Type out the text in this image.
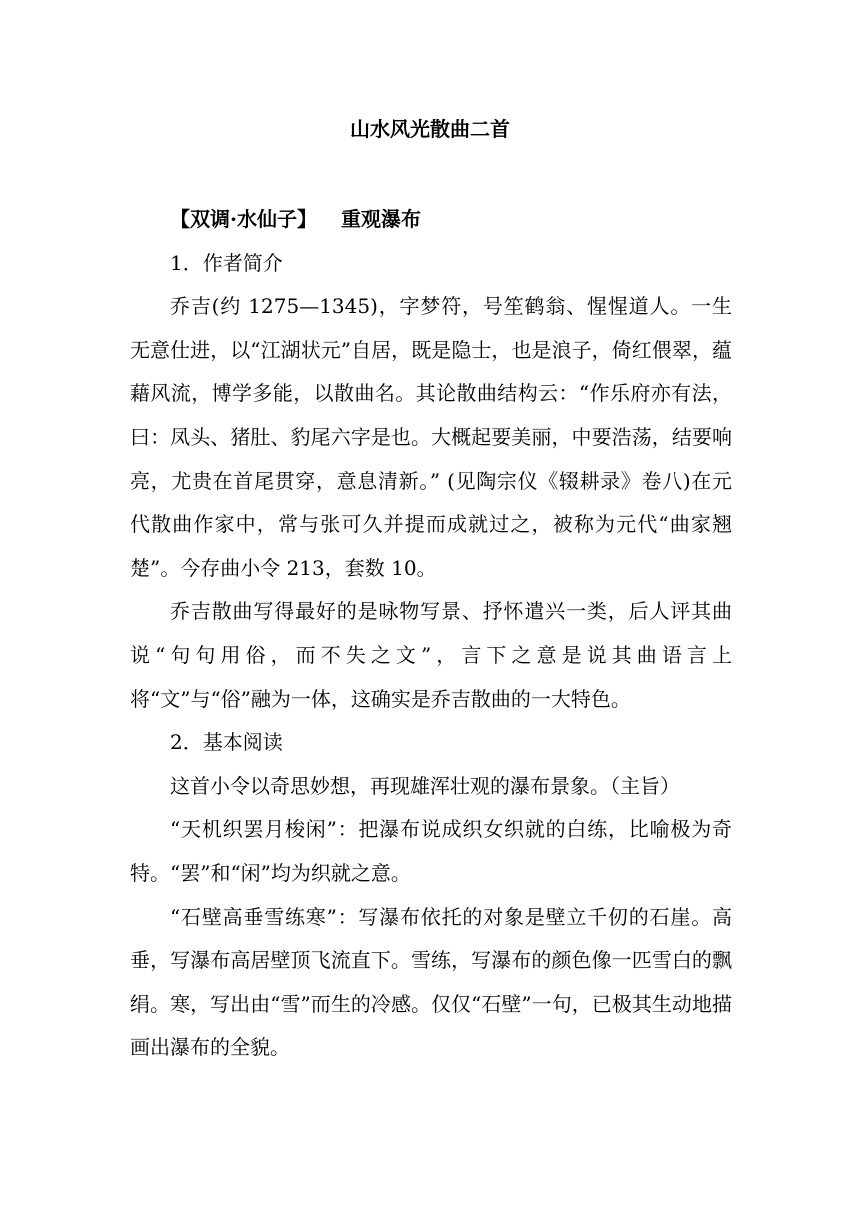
山水风光散曲二首

【双调·水仙子】 重观瀑布

1．作者简介

乔吉(约 1275—1345)，字梦符，号笙鹤翁、惺惺道人。一生无意仕进，以“江湖状元”自居，既是隐士，也是浪子，倚红偎翠，蕴藉风流，博学多能，以散曲名。其论散曲结构云：“作乐府亦有法，曰：凤头、猪肚、豹尾六字是也。大概起要美丽，中要浩荡，结要响亮，尤贵在首尾贯穿，意息清新。” (见陶宗仪《辍耕录》卷八)在元代散曲作家中，常与张可久并提而成就过之，被称为元代“曲家翘楚”。今存曲小令 213，套数 10。

乔吉散曲写得最好的是咏物写景、抒怀遣兴一类，后人评其曲说“句句用俗，而不失之文”，言下之意是说其曲语言上将“文”与“俗”融为一体，这确实是乔吉散曲的一大特色。

2．基本阅读

这首小令以奇思妙想，再现雄浑壮观的瀑布景象。（主旨）

“天机织罢月梭闲”：把瀑布说成织女织就的白练，比喻极为奇特。“罢”和“闲”均为织就之意。

“石壁高垂雪练寒”：写瀑布依托的对象是壁立千仞的石崖。高垂，写瀑布高居壁顶飞流直下。雪练，写瀑布的颜色像一匹雪白的飘绢。寒，写出由“雪”而生的冷感。仅仅“石壁”一句，已极其生动地描画出瀑布的全貌。
